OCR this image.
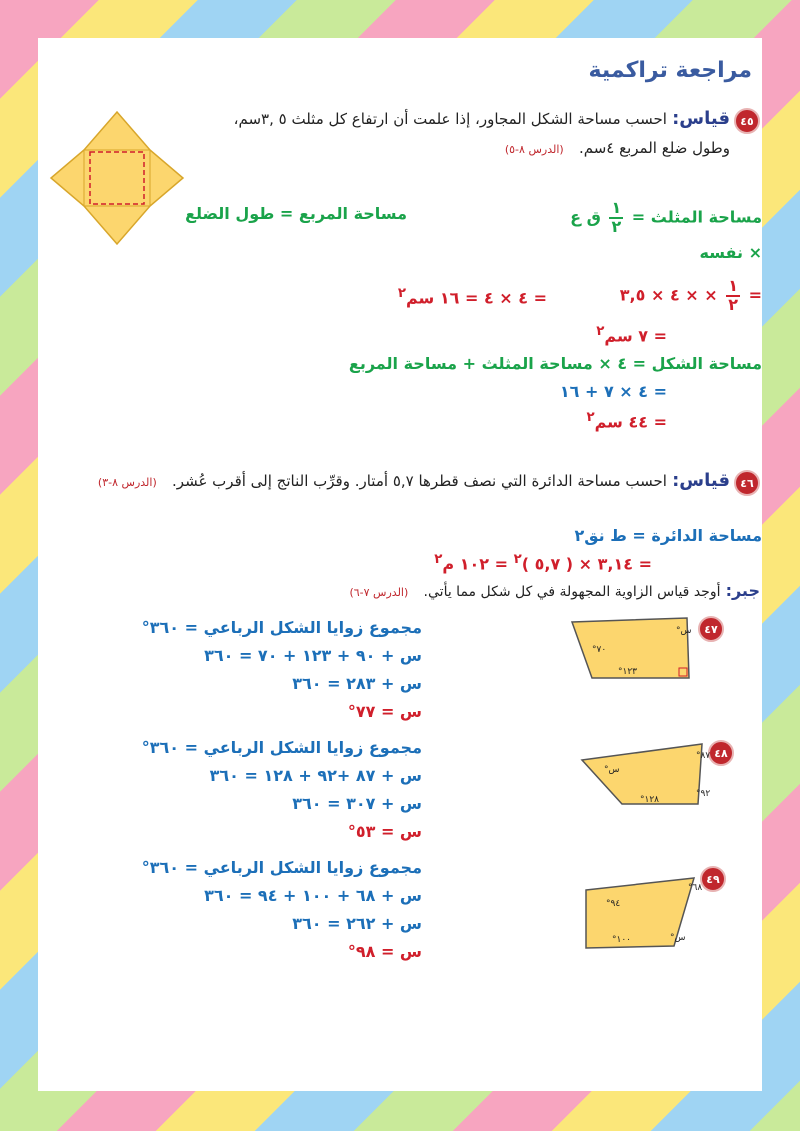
مراجعة تراكمية
٤٥
قياس: احسب مساحة الشكل المجاور، إذا علمت أن ارتفاع كل مثلث ٥ ,٣سم،
وطول ضلع المربع ٤سم.   (الدرس ٨-٥)
مساحة المثلث =
$\frac{١}{٢}$
ق ع
مساحة المربع = طول الضلع
× نفسه
=
$\frac{١}{٢}$
× × ٤ × ٣,٥
= ٤ × ٤ = ١٦ سم$^٢$
= ٧ سم$^٢$
مساحة الشكل = ٤ × مساحة المثلث + مساحة المربع
= ٤ × ٧ + ١٦
= ٤٤ سم$^٢$
٤٦
قياس: احسب مساحة الدائرة التي نصف قطرها ٥,٧ أمتار. وقرِّب الناتج إلى أقرب عُشر.   (الدرس ٨-٣)
مساحة الدائرة = ط نق٢
= ٣,١٤ × ( ٥,٧ )$^٢$ = ١٠٢ م$^٢$
جبر: أوجد قياس الزاوية المجهولة في كل شكل مما يأتي.   (الدرس ٧-٦)
٤٧
س°
٧٠°
١٢٣°
مجموع زوايا الشكل الرباعي = ٣٦٠°
س + ٩٠ + ١٢٣ + ٧٠ = ٣٦٠
س + ٢٨٣ = ٣٦٠
س = ٧٧°
٤٨
س°
٨٧°
٩٢°
١٢٨°
مجموع زوايا الشكل الرباعي = ٣٦٠°
س + ٨٧ +٩٢ + ١٢٨ = ٣٦٠
س + ٣٠٧ = ٣٦٠
س = ٥٣°
٤٩
٦٨°
٩٤°
١٠٠°	س°
مجموع زوايا الشكل الرباعي = ٣٦٠°
س + ٦٨ + ١٠٠ + ٩٤ = ٣٦٠
س + ٢٦٢ = ٣٦٠
س = ٩٨°
